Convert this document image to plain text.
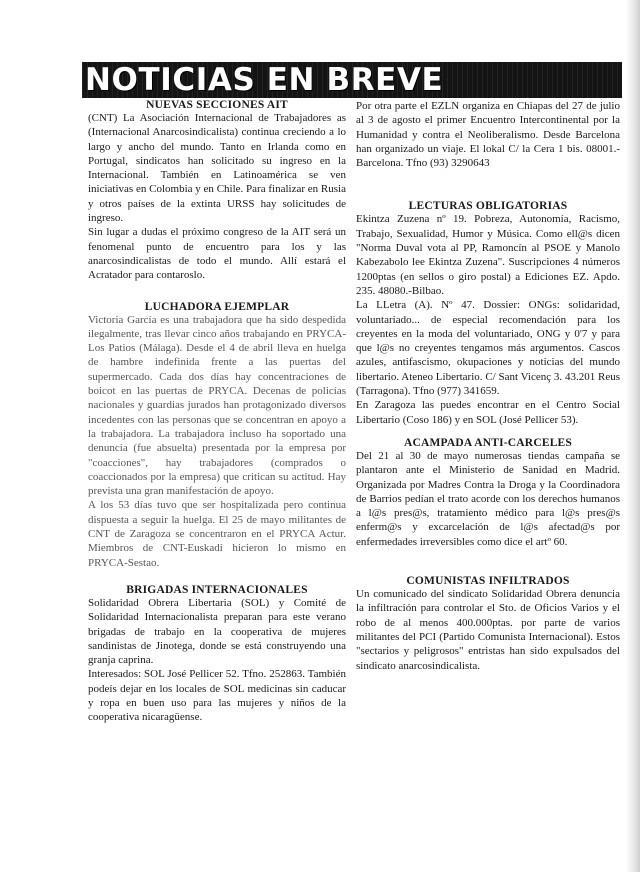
NOTICIAS EN BREVE
NUEVAS SECCIONES AIT

(CNT) La Asociación Internacional de Trabajadores as (Internacional Anarcosindicalista) continua creciendo a lo largo y ancho del mundo. Tanto en Irlanda como en Portugal, sindicatos han solicitado su ingreso en la Internacional. También en Latinoamérica se ven iniciativas en Colombia y en Chile. Para finalizar en Rusia y otros países de la extinta URSS hay solicitudes de ingreso.

Sin lugar a dudas el próximo congreso de la AIT será un fenomenal punto de encuentro para los y las anarcosindicalistas de todo el mundo. Allí estará el Acratador para contaroslo.

LUCHADORA EJEMPLAR

Victoria García es una trabajadora que ha sido despedida ilegalmente, tras llevar cinco años trabajando en PRYCA-Los Patios (Málaga). Desde el 4 de abril lleva en huelga de hambre indefinida frente a las puertas del supermercado. Cada dos días hay concentraciones de boicot en las puertas de PRYCA. Decenas de policías nacionales y guardias jurados han protagonizado diversos incedentes con las personas que se concentran en apoyo a la trabajadora. La trabajadora incluso ha soportado una denuncia (fue absuelta) presentada por la empresa por "coacciones", hay trabajadores (comprados o coaccionados por la empresa) que critican su actitud. Hay prevista una gran manifestación de apoyo.

A los 53 días tuvo que ser hospitalizada pero continua dispuesta a seguir la huelga. El 25 de mayo militantes de CNT de Zaragoza se concentraron en el PRYCA Actur. Miembros de CNT-Euskadi hicieron lo mismo en PRYCA-Sestao.

BRIGADAS INTERNACIONALES

Solidaridad Obrera Libertaria (SOL) y Comité de Solidaridad Internacionalista preparan para este verano brigadas de trabajo en la cooperativa de mujeres sandinistas de Jinotega, donde se está construyendo una granja caprina.

Interesados: SOL José Pellicer 52. Tfno. 252863. También podeís dejar en los locales de SOL medicinas sin caducar y ropa en buen uso para las mujeres y niños de la cooperativa nicaragüense.

Por otra parte el EZLN organiza en Chiapas del 27 de julio al 3 de agosto el primer Encuentro Intercontinental por la Humanidad y contra el Neoliberalismo. Desde Barcelona han organizado un viaje. El lokal C/ la Cera 1 bis. 08001.-Barcelona. Tfno (93) 3290643

LECTURAS OBLIGATORIAS

Ekintza Zuzena nº 19. Pobreza, Autonomía, Racismo, Trabajo, Sexualidad, Humor y Música. Como ell@s dicen "Norma Duval vota al PP, Ramoncín al PSOE y Manolo Kabezabolo lee Ekintza Zuzena". Suscripciones 4 números 1200ptas (en sellos o giro postal) a Ediciones EZ. Apdo. 235. 48080.-Bilbao.

La LLetra (A). Nº 47. Dossier: ONGs: solidaridad, voluntariado... de especial recomendación para los creyentes en la moda del voluntariado, ONG y 0'7 y para que l@s no creyentes tengamos más argumentos. Cascos azules, antifascismo, okupaciones y noticias del mundo libertario. Ateneo Libertario. C/ Sant Vicenç 3. 43.201 Reus (Tarragona). Tfno (977) 341659.

En Zaragoza las puedes encontrar en el Centro Social Libertario (Coso 186) y en SOL (José Pellicer 53).

ACAMPADA ANTI-CARCELES

Del 21 al 30 de mayo numerosas tiendas campaña se plantaron ante el Ministerio de Sanidad en Madrid. Organizada por Madres Contra la Droga y la Coordinadora de Barrios pedían el trato acorde con los derechos humanos a l@s pres@s, tratamiento médico para l@s pres@s enferm@s y excarcelación de l@s afectad@s por enfermedades irreversibles como dice el artº 60.

COMUNISTAS INFILTRADOS

Un comunicado del sindicato Solidaridad Obrera denuncia la infiltración para controlar el Sto. de Oficios Varios y el robo de al menos 400.000ptas. por parte de varios militantes del PCI (Partido Comunista Internacional). Estos "sectarios y peligrosos" entristas han sido expulsados del sindicato anarcosindicalista.
